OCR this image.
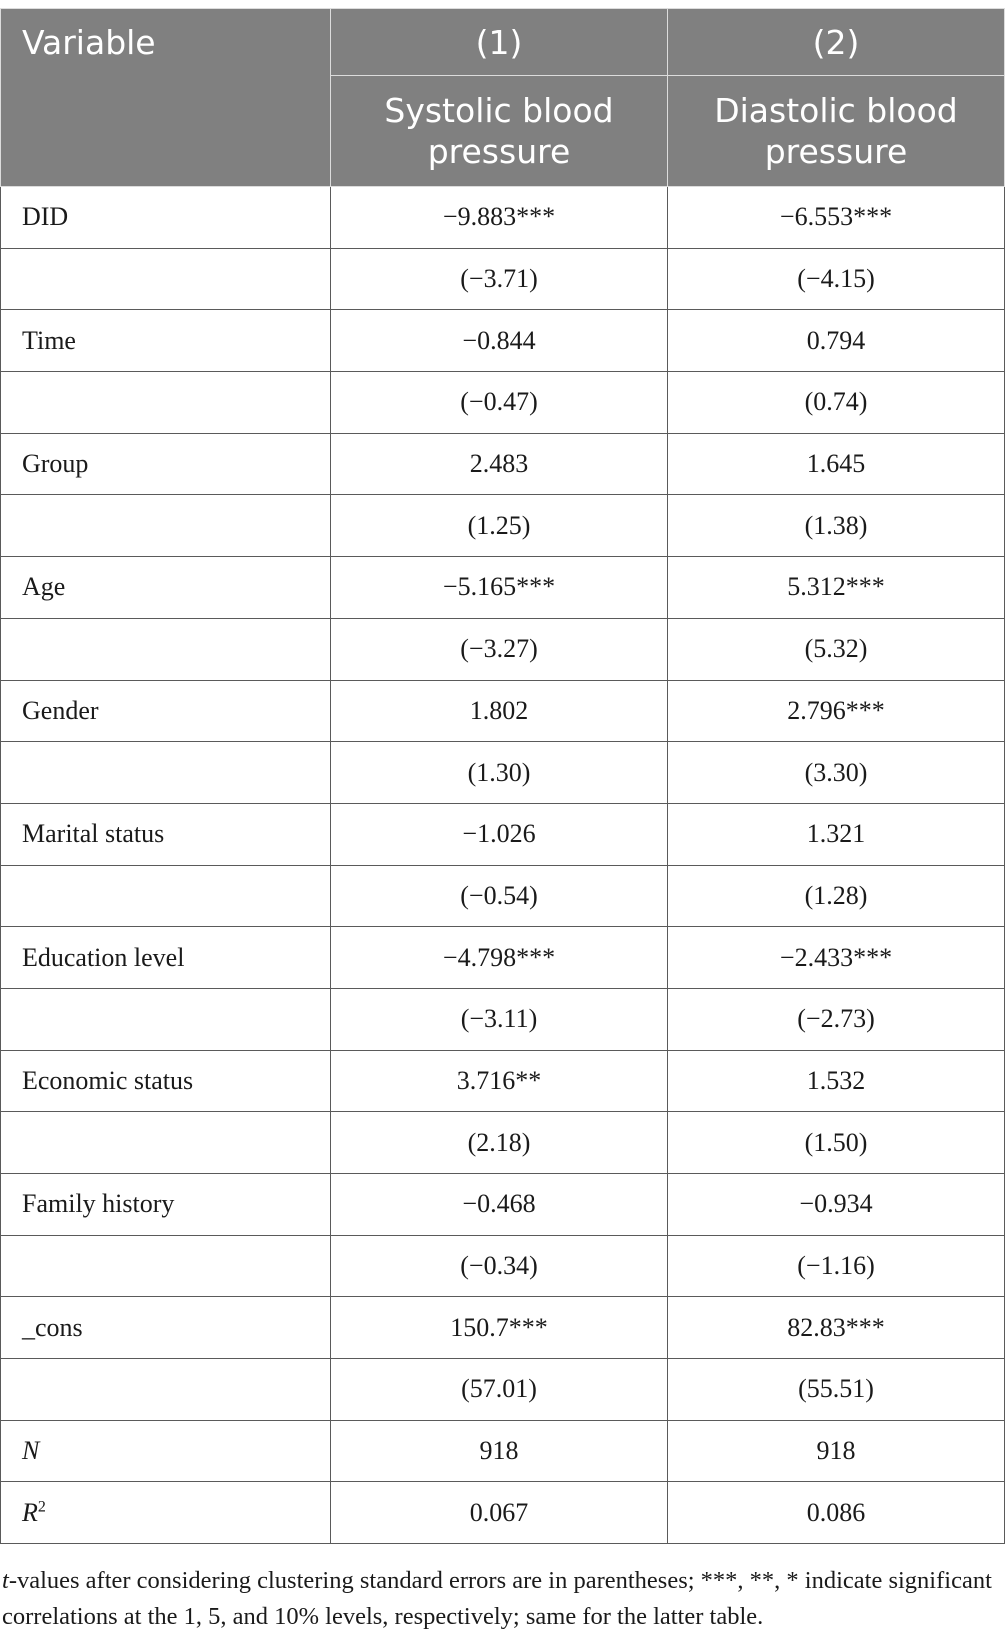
Variable	(1)	(2)
	Systolic blood pressure	Diastolic blood pressure
DID	−9.883***	−6.553***
	(−3.71)	(−4.15)
Time	−0.844	0.794
	(−0.47)	(0.74)
Group	2.483	1.645
	(1.25)	(1.38)
Age	−5.165***	5.312***
	(−3.27)	(5.32)
Gender	1.802	2.796***
	(1.30)	(3.30)
Marital status	−1.026	1.321
	(−0.54)	(1.28)
Education level	−4.798***	−2.433***
	(−3.11)	(−2.73)
Economic status	3.716**	1.532
	(2.18)	(1.50)
Family history	−0.468	−0.934
	(−0.34)	(−1.16)
_cons	150.7***	82.83***
	(57.01)	(55.51)
N	918	918
$R^2$	0.067	0.086
t-values after considering clustering standard errors are in parentheses; ***, **, * indicate significant correlations at the 1, 5, and 10% levels, respectively; same for the latter table.
